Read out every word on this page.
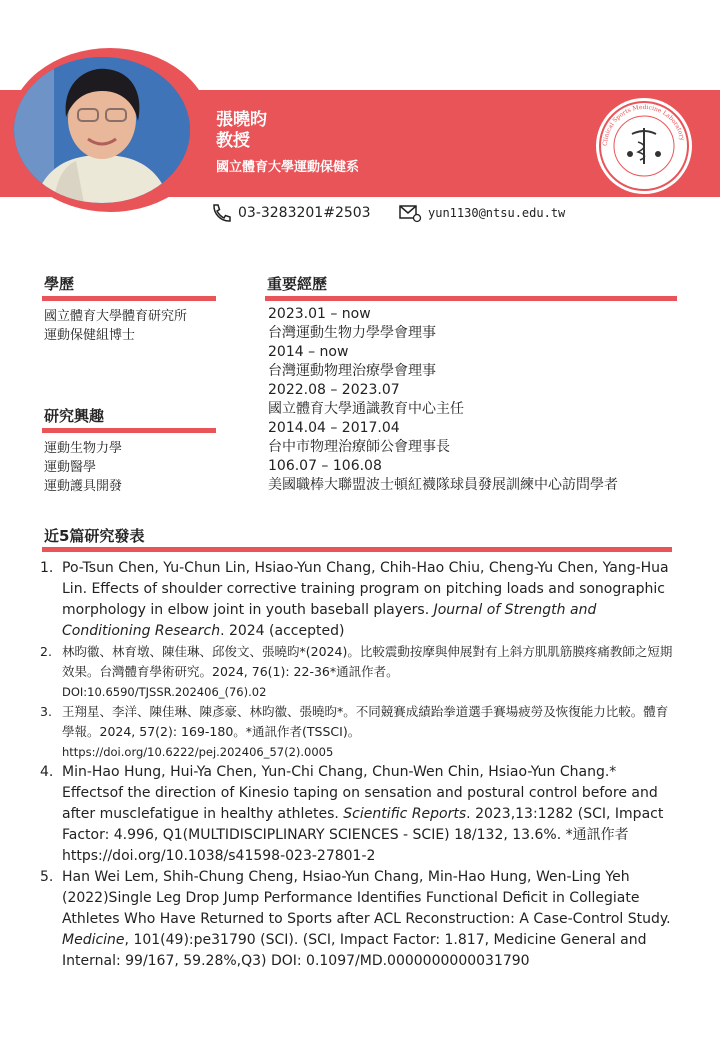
張曉昀
教授
國立體育大學運動保健系
Clinical Sports Medicine Laboratory
03-3283201#2503	yun1130@ntsu.edu.tw
學歷
國立體育大學體育研究所
運動保健組博士
研究興趣
運動生物力學
運動醫學
運動護具開發
重要經歷
2023.01 – now
台灣運動生物力學學會理事
2014 – now
台灣運動物理治療學會理事
2022.08 – 2023.07
國立體育大學通識教育中心主任
2014.04 – 2017.04
台中市物理治療師公會理事長
106.07 – 106.08
美國職棒大聯盟波士頓紅襪隊球員發展訓練中心訪問學者
近5篇研究發表
1. Po-Tsun Chen, Yu-Chun Lin, Hsiao-Yun Chang, Chih-Hao Chiu, Cheng-Yu Chen, Yang-Hua Lin. Effects of shoulder corrective training program on pitching loads and sonographic morphology in elbow joint in youth baseball players. Journal of Strength and Conditioning Research. 2024 (accepted)
2. 林昀徽、林育墩、陳佳琳、邱俊文、張曉昀*(2024)。比較震動按摩與伸展對有上斜方肌肌筋膜疼痛教師之短期效果。台灣體育學術研究。2024, 76(1): 22-36*通訊作者。
DOI:10.6590/TJSSR.202406_(76).02
3. 王翔星、李洋、陳佳琳、陳彥豪、林昀徽、張曉昀*。不同競賽成績跆拳道選手賽場疲勞及恢復能力比較。體育學報。2024, 57(2): 169-180。*通訊作者(TSSCI)。
https://doi.org/10.6222/pej.202406_57(2).0005
4. Min-Hao Hung, Hui-Ya Chen, Yun-Chi Chang, Chun-Wen Chin, Hsiao-Yun Chang.* Effectsof the direction of Kinesio taping on sensation and postural control before and after musclefatigue in healthy athletes. Scientific Reports. 2023,13:1282 (SCI, Impact Factor: 4.996, Q1(MULTIDISCIPLINARY SCIENCES - SCIE) 18/132, 13.6%. *通訊作者 https://doi.org/10.1038/s41598-023-27801-2
5. Han Wei Lem, Shih-Chung Cheng, Hsiao-Yun Chang, Min-Hao Hung, Wen-Ling Yeh (2022)Single Leg Drop Jump Performance Identifies Functional Deficit in Collegiate Athletes Who Have Returned to Sports after ACL Reconstruction: A Case-Control Study. Medicine, 101(49):pe31790 (SCI). (SCI, Impact Factor: 1.817, Medicine General and Internal: 99/167, 59.28%,Q3) DOI: 0.1097/MD.0000000000031790
